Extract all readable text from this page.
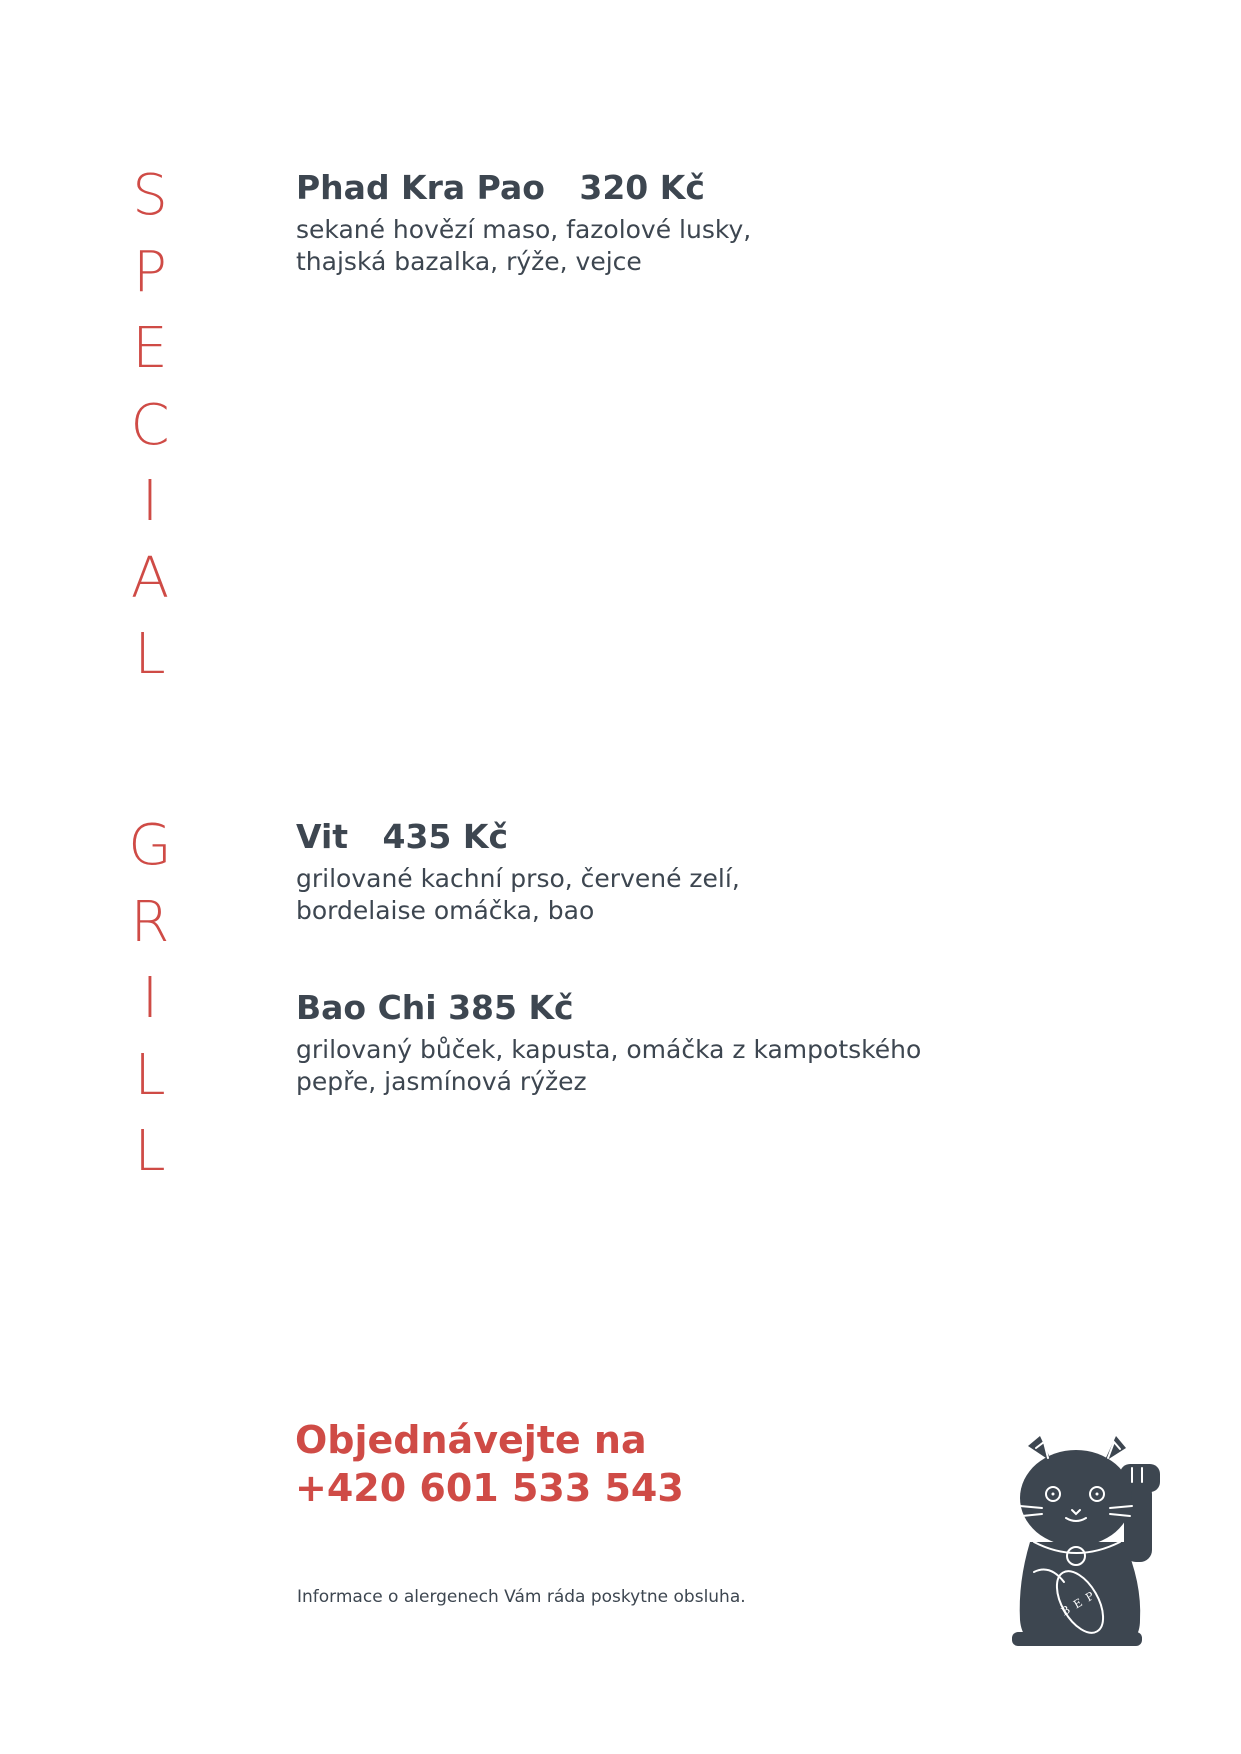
S
P
E
C
I
A
L
G
R
I
L
L
Phad Kra Pao   320 Kč
sekané hovězí maso, fazolové lusky,
thajská bazalka, rýže, vejce
Vit   435 Kč
grilované kachní prso, červené zelí,
bordelaise omáčka, bao
Bao Chi 385 Kč
grilovaný bůček, kapusta, omáčka z kampotského
pepře, jasmínová rýžez
Objednávejte na
+420 601 533 543
Informace o alergenech Vám ráda poskytne obsluha.	BEP
